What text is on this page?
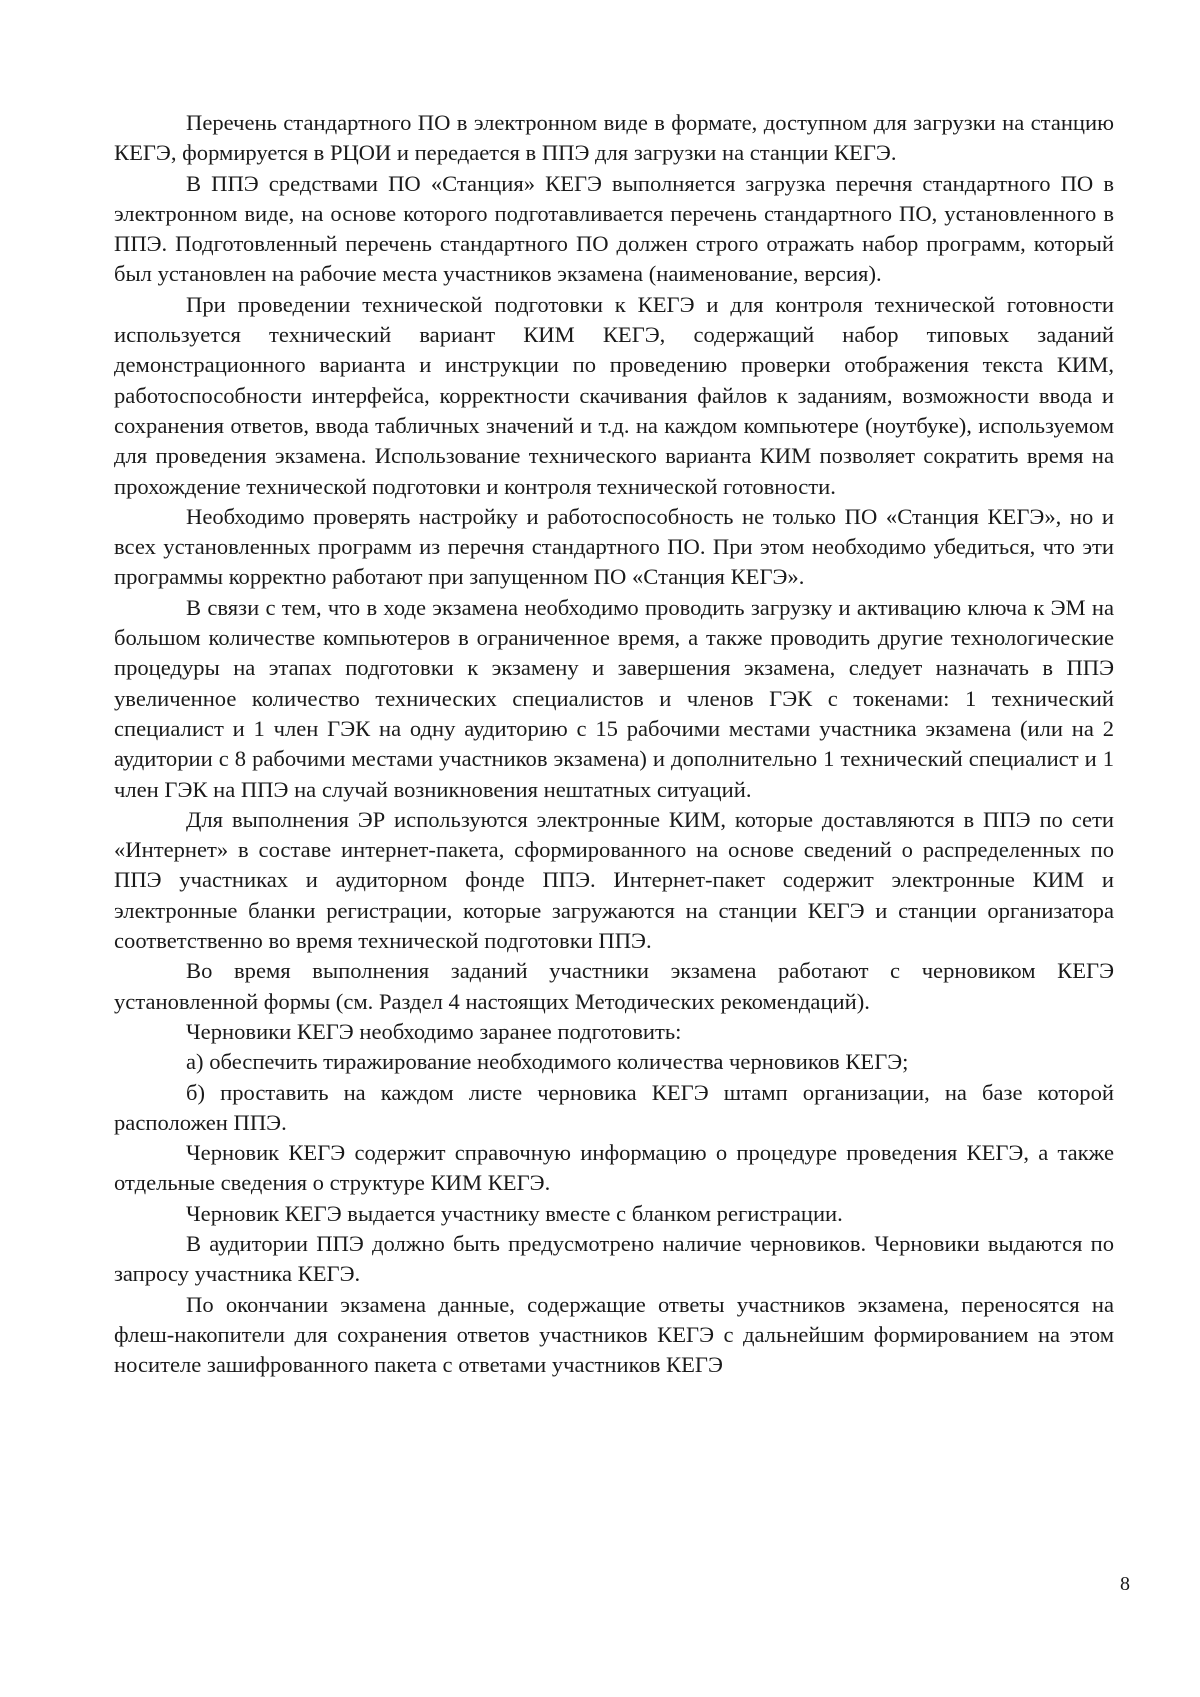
Перечень стандартного ПО в электронном виде в формате, доступном для загрузки на станцию КЕГЭ, формируется в РЦОИ и передается в ППЭ для загрузки на станции КЕГЭ.

В ППЭ средствами ПО «Станция» КЕГЭ выполняется загрузка перечня стандартного ПО в электронном виде, на основе которого подготавливается перечень стандартного ПО, установленного в ППЭ. Подготовленный перечень стандартного ПО должен строго отражать набор программ, который был установлен на рабочие места участников экзамена (наименование, версия).

При проведении технической подготовки к КЕГЭ и для контроля технической готовности используется технический вариант КИМ КЕГЭ, содержащий набор типовых заданий демонстрационного варианта и инструкции по проведению проверки отображения текста КИМ, работоспособности интерфейса, корректности скачивания файлов к заданиям, возможности ввода и сохранения ответов, ввода табличных значений и т.д. на каждом компьютере (ноутбуке), используемом для проведения экзамена. Использование технического варианта КИМ позволяет сократить время на прохождение технической подготовки и контроля технической готовности.

Необходимо проверять настройку и работоспособность не только ПО «Станция КЕГЭ», но и всех установленных программ из перечня стандартного ПО. При этом необходимо убедиться, что эти программы корректно работают при запущенном ПО «Станция КЕГЭ».

В связи с тем, что в ходе экзамена необходимо проводить загрузку и активацию ключа к ЭМ на большом количестве компьютеров в ограниченное время, а также проводить другие технологические процедуры на этапах подготовки к экзамену и завершения экзамена, следует назначать в ППЭ увеличенное количество технических специалистов и членов ГЭК с токенами: 1 технический специалист и 1 член ГЭК на одну аудиторию с 15 рабочими местами участника экзамена (или на 2 аудитории с 8 рабочими местами участников экзамена) и дополнительно 1 технический специалист и 1 член ГЭК на ППЭ на случай возникновения нештатных ситуаций.

Для выполнения ЭР используются электронные КИМ, которые доставляются в ППЭ по сети «Интернет» в составе интернет-пакета, сформированного на основе сведений о распределенных по ППЭ участниках и аудиторном фонде ППЭ. Интернет-пакет содержит электронные КИМ и электронные бланки регистрации, которые загружаются на станции КЕГЭ и станции организатора соответственно во время технической подготовки ППЭ.

Во время выполнения заданий участники экзамена работают с черновиком КЕГЭ установленной формы (см. Раздел 4 настоящих Методических рекомендаций).

Черновики КЕГЭ необходимо заранее подготовить:

а) обеспечить тиражирование необходимого количества черновиков КЕГЭ;

б) проставить на каждом листе черновика КЕГЭ штамп организации, на базе которой расположен ППЭ.

Черновик КЕГЭ содержит справочную информацию о процедуре проведения КЕГЭ, а также отдельные сведения о структуре КИМ КЕГЭ.

Черновик КЕГЭ выдается участнику вместе с бланком регистрации.

В аудитории ППЭ должно быть предусмотрено наличие черновиков. Черновики выдаются по запросу участника КЕГЭ.

По окончании экзамена данные, содержащие ответы участников экзамена, переносятся на флеш-накопители для сохранения ответов участников КЕГЭ с дальнейшим формированием на этом носителе зашифрованного пакета с ответами участников КЕГЭ

8
